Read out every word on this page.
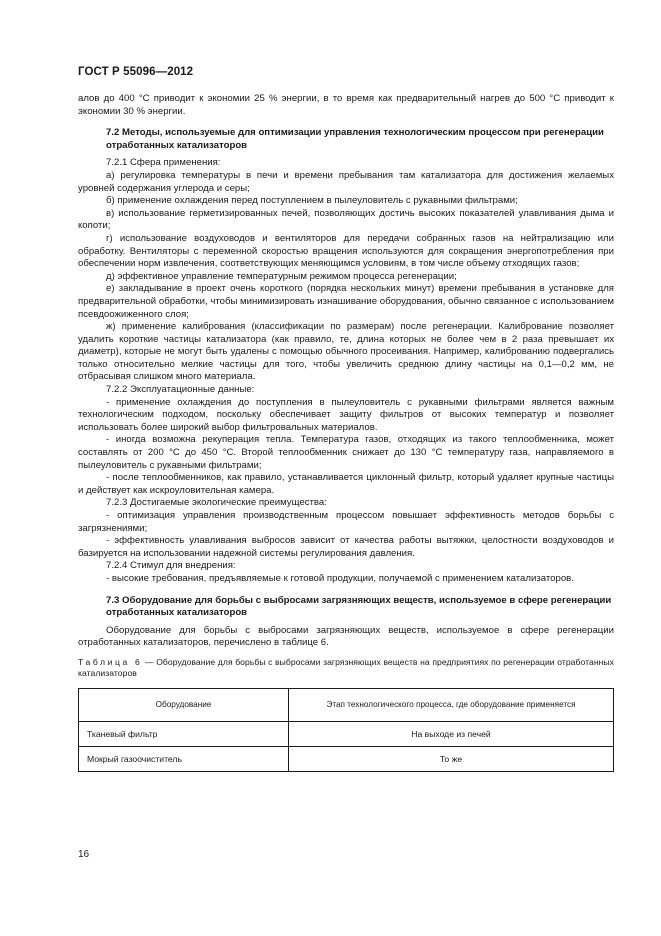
ГОСТ Р 55096—2012

алов до 400 °С приводит к экономии 25 % энергии, в то время как предварительный нагрев до 500 °С приводит к экономии 30 % энергии.

7.2 Методы, используемые для оптимизации управления технологическим процессом при регенерации отработанных катализаторов

7.2.1 Сфера применения:

а) регулировка температуры в печи и времени пребывания там катализатора для достижения желаемых уровней содержания углерода и серы;

б) применение охлаждения перед поступлением в пылеуловитель с рукавными фильтрами;

в) использование герметизированных печей, позволяющих достичь высоких показателей улавливания дыма и копоти;

г) использование воздуховодов и вентиляторов для передачи собранных газов на нейтрализацию или обработку. Вентиляторы с переменной скоростью вращения используются для сокращения энергопотребления при обеспечении норм извлечения, соответствующих меняющимся условиям, в том числе объему отходящих газов;

д) эффективное управление температурным режимом процесса регенерации;

е) закладывание в проект очень короткого (порядка нескольких минут) времени пребывания в установке для предварительной обработки, чтобы минимизировать изнашивание оборудования, обычно связанное с использованием псевдоожиженного слоя;

ж) применение калибрования (классификации по размерам) после регенерации. Калибрование позволяет удалить короткие частицы катализатора (как правило, те, длина которых не более чем в 2 раза превышает их диаметр), которые не могут быть удалены с помощью обычного просеивания. Например, калиброванию подвергались только относительно мелкие частицы для того, чтобы увеличить среднюю длину частицы на 0,1—0,2 мм, не отбрасывая слишком много материала.

7.2.2 Эксплуатационные данные:

- применение охлаждения до поступления в пылеуловитель с рукавными фильтрами является важным технологическим подходом, поскольку обеспечивает защиту фильтров от высоких температур и позволяет использовать более широкий выбор фильтровальных материалов.

- иногда возможна рекуперация тепла. Температура газов, отходящих из такого теплообменника, может составлять от 200 °С до 450 °С. Второй теплообменник снижает до 130 °С температуру газа, направляемого в пылеуловитель с рукавными фильтрами;

- после теплообменников, как правило, устанавливается циклонный фильтр, который удаляет крупные частицы и действует как искроуловительная камера.

7.2.3 Достигаемые экологические преимущества:

- оптимизация управления производственным процессом повышает эффективность методов борьбы с загрязнениями;

- эффективность улавливания выбросов зависит от качества работы вытяжки, целостности воздуховодов и базируется на использовании надежной системы регулирования давления.

7.2.4 Стимул для внедрения:

- высокие требования, предъявляемые к готовой продукции, получаемой с применением катализаторов.

7.3 Оборудование для борьбы с выбросами загрязняющих веществ, используемое в сфере регенерации отработанных катализаторов

Оборудование для борьбы с выбросами загрязняющих веществ, используемое в сфере регенерации отработанных катализаторов, перечислено в таблице 6.

Таблица 6 — Оборудование для борьбы с выбросами загрязняющих веществ на предприятиях по регенерации отработанных катализаторов

Оборудование	Этап технологического процесса, где оборудование применяется
Тканевый фильтр	На выходе из печей
Мокрый газоочиститель	То же
16
